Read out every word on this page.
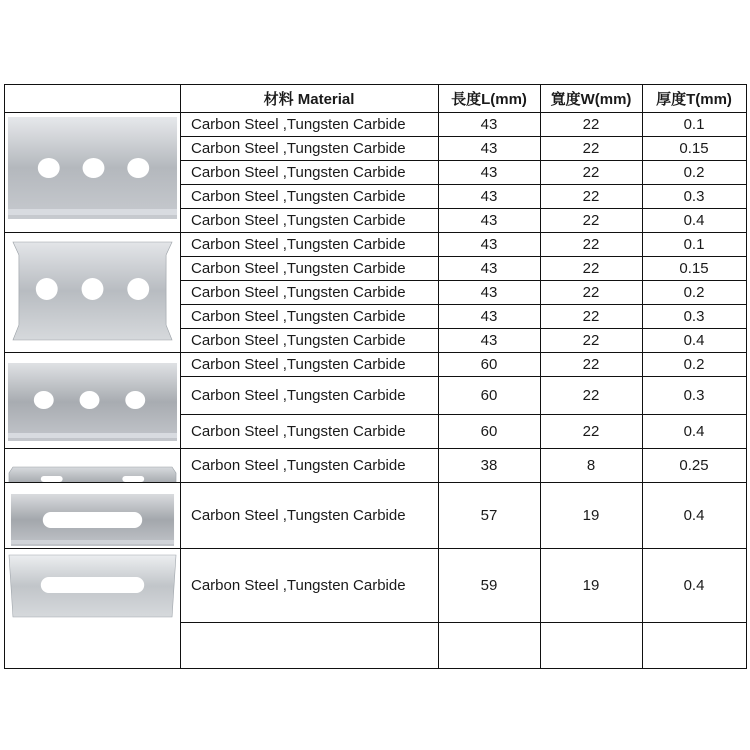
材料 Material	長度L(mm)	寬度W(mm)	厚度T(mm)
Carbon Steel ,Tungsten Carbide	43	22	0.1
Carbon Steel ,Tungsten Carbide	43	22	0.15
Carbon Steel ,Tungsten Carbide	43	22	0.2
Carbon Steel ,Tungsten Carbide	43	22	0.3
Carbon Steel ,Tungsten Carbide	43	22	0.4
Carbon Steel ,Tungsten Carbide	43	22	0.1
Carbon Steel ,Tungsten Carbide	43	22	0.15
Carbon Steel ,Tungsten Carbide	43	22	0.2
Carbon Steel ,Tungsten Carbide	43	22	0.3
Carbon Steel ,Tungsten Carbide	43	22	0.4
Carbon Steel ,Tungsten Carbide	60	22	0.2
Carbon Steel ,Tungsten Carbide	60	22	0.3
Carbon Steel ,Tungsten Carbide	60	22	0.4
Carbon Steel ,Tungsten Carbide	38	8	0.25
Carbon Steel ,Tungsten Carbide	57	19	0.4
Carbon Steel ,Tungsten Carbide	59	19	0.4
